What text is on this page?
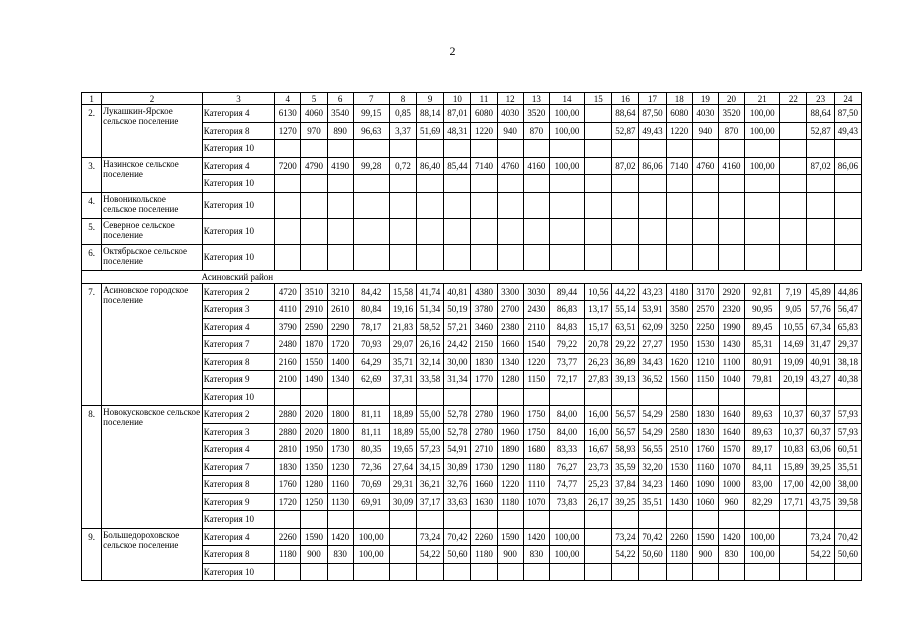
2
1	2	3	4	5	6	7	8	9	10	11	12	13	14	15	16	17	18	19	20	21	22	23	24
2.	Лукашкин-Ярское сельское поселение	Категория 4	6130	4060	3540	99,15	0,85	88,14	87,01	6080	4030	3520	100,00		88,64	87,50	6080	4030	3520	100,00		88,64	87,50
		Категория 8	1270	970	890	96,63	3,37	51,69	48,31	1220	940	870	100,00		52,87	49,43	1220	940	870	100,00		52,87	49,43
		Категория 10																					
3.	Назинское сельское поселение	Категория 4	7200	4790	4190	99,28	0,72	86,40	85,44	7140	4760	4160	100,00		87,02	86,06	7140	4760	4160	100,00		87,02	86,06
		Категория 10																					
4.	Новоникольское сельское поселение	Категория 10																					
5.	Северное сельское поселение	Категория 10																					
6.	Октябрьское сельское поселение	Категория 10																					
	Асиновский район																						
7.	Асиновское городское поселение	Категория 2	4720	3510	3210	84,42	15,58	41,74	40,81	4380	3300	3030	89,44	10,56	44,22	43,23	4180	3170	2920	92,81	7,19	45,89	44,86
		Категория 3	4110	2910	2610	80,84	19,16	51,34	50,19	3780	2700	2430	86,83	13,17	55,14	53,91	3580	2570	2320	90,95	9,05	57,76	56,47
		Категория 4	3790	2590	2290	78,17	21,83	58,52	57,21	3460	2380	2110	84,83	15,17	63,51	62,09	3250	2250	1990	89,45	10,55	67,34	65,83
		Категория 7	2480	1870	1720	70,93	29,07	26,16	24,42	2150	1660	1540	79,22	20,78	29,22	27,27	1950	1530	1430	85,31	14,69	31,47	29,37
		Категория 8	2160	1550	1400	64,29	35,71	32,14	30,00	1830	1340	1220	73,77	26,23	36,89	34,43	1620	1210	1100	80,91	19,09	40,91	38,18
		Категория 9	2100	1490	1340	62,69	37,31	33,58	31,34	1770	1280	1150	72,17	27,83	39,13	36,52	1560	1150	1040	79,81	20,19	43,27	40,38
		Категория 10																					
8.	Новокусковское сельское поселение	Категория 2	2880	2020	1800	81,11	18,89	55,00	52,78	2780	1960	1750	84,00	16,00	56,57	54,29	2580	1830	1640	89,63	10,37	60,37	57,93
		Категория 3	2880	2020	1800	81,11	18,89	55,00	52,78	2780	1960	1750	84,00	16,00	56,57	54,29	2580	1830	1640	89,63	10,37	60,37	57,93
		Категория 4	2810	1950	1730	80,35	19,65	57,23	54,91	2710	1890	1680	83,33	16,67	58,93	56,55	2510	1760	1570	89,17	10,83	63,06	60,51
		Категория 7	1830	1350	1230	72,36	27,64	34,15	30,89	1730	1290	1180	76,27	23,73	35,59	32,20	1530	1160	1070	84,11	15,89	39,25	35,51
		Категория 8	1760	1280	1160	70,69	29,31	36,21	32,76	1660	1220	1110	74,77	25,23	37,84	34,23	1460	1090	1000	83,00	17,00	42,00	38,00
		Категория 9	1720	1250	1130	69,91	30,09	37,17	33,63	1630	1180	1070	73,83	26,17	39,25	35,51	1430	1060	960	82,29	17,71	43,75	39,58
		Категория 10																					
9.	Большедороховское сельское поселение	Категория 4	2260	1590	1420	100,00		73,24	70,42	2260	1590	1420	100,00		73,24	70,42	2260	1590	1420	100,00		73,24	70,42
		Категория 8	1180	900	830	100,00		54,22	50,60	1180	900	830	100,00		54,22	50,60	1180	900	830	100,00		54,22	50,60
		Категория 10																					
